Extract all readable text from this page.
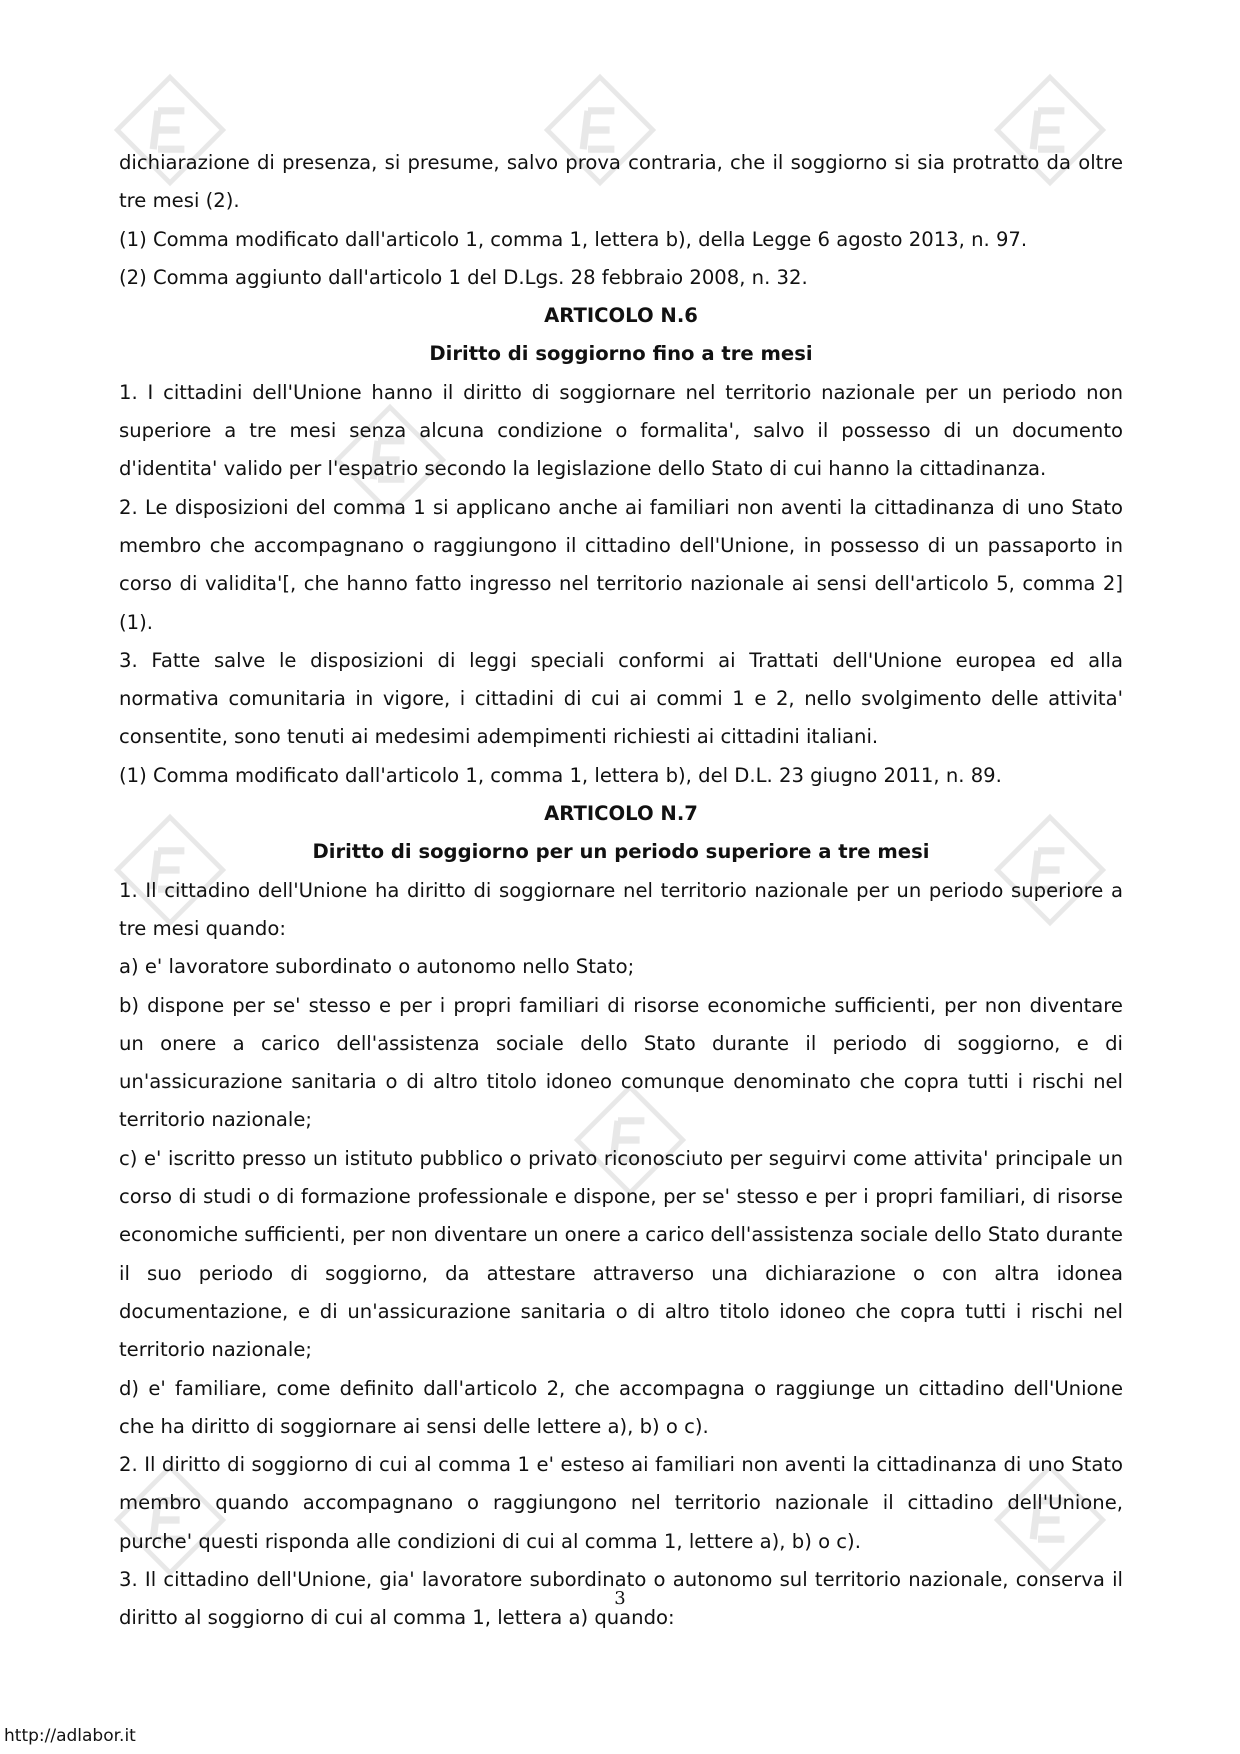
dichiarazione di presenza, si presume, salvo prova contraria, che il soggiorno si sia protratto da oltre tre mesi (2).

(1) Comma modificato dall'articolo 1, comma 1, lettera b), della Legge 6 agosto 2013, n. 97.

(2) Comma aggiunto dall'articolo 1 del D.Lgs. 28 febbraio 2008, n. 32.

ARTICOLO N.6
Diritto di soggiorno fino a tre mesi

1. I cittadini dell'Unione hanno il diritto di soggiornare nel territorio nazionale per un periodo non superiore a tre mesi senza alcuna condizione o formalita', salvo il possesso di un documento d'identita' valido per l'espatrio secondo la legislazione dello Stato di cui hanno la cittadinanza.

2. Le disposizioni del comma 1 si applicano anche ai familiari non aventi la cittadinanza di uno Stato membro che accompagnano o raggiungono il cittadino dell'Unione, in possesso di un passaporto in corso di validita'[, che hanno fatto ingresso nel territorio nazionale ai sensi dell'articolo 5, comma 2] (1).

3. Fatte salve le disposizioni di leggi speciali conformi ai Trattati dell'Unione europea ed alla normativa comunitaria in vigore, i cittadini di cui ai commi 1 e 2, nello svolgimento delle attivita' consentite, sono tenuti ai medesimi adempimenti richiesti ai cittadini italiani.

(1) Comma modificato dall'articolo 1, comma 1, lettera b), del D.L. 23 giugno 2011, n. 89.

ARTICOLO N.7
Diritto di soggiorno per un periodo superiore a tre mesi

1. Il cittadino dell'Unione ha diritto di soggiornare nel territorio nazionale per un periodo superiore a tre mesi quando:

a) e' lavoratore subordinato o autonomo nello Stato;

b) dispone per se' stesso e per i propri familiari di risorse economiche sufficienti, per non diventare un onere a carico dell'assistenza sociale dello Stato durante il periodo di soggiorno, e di un'assicurazione sanitaria o di altro titolo idoneo comunque denominato che copra tutti i rischi nel territorio nazionale;

c) e' iscritto presso un istituto pubblico o privato riconosciuto per seguirvi come attivita' principale un corso di studi o di formazione professionale e dispone, per se' stesso e per i propri familiari, di risorse economiche sufficienti, per non diventare un onere a carico dell'assistenza sociale dello Stato durante il suo periodo di soggiorno, da attestare attraverso una dichiarazione o con altra idonea documentazione, e di un'assicurazione sanitaria o di altro titolo idoneo che copra tutti i rischi nel territorio nazionale;

d) e' familiare, come definito dall'articolo 2, che accompagna o raggiunge un cittadino dell'Unione che ha diritto di soggiornare ai sensi delle lettere a), b) o c).

2. Il diritto di soggiorno di cui al comma 1 e' esteso ai familiari non aventi la cittadinanza di uno Stato membro quando accompagnano o raggiungono nel territorio nazionale il cittadino dell'Unione, purche' questi risponda alle condizioni di cui al comma 1, lettere a), b) o c).

3. Il cittadino dell'Unione, gia' lavoratore subordinato o autonomo sul territorio nazionale, conserva il diritto al soggiorno di cui al comma 1, lettera a) quando:

3
http://adlabor.it
